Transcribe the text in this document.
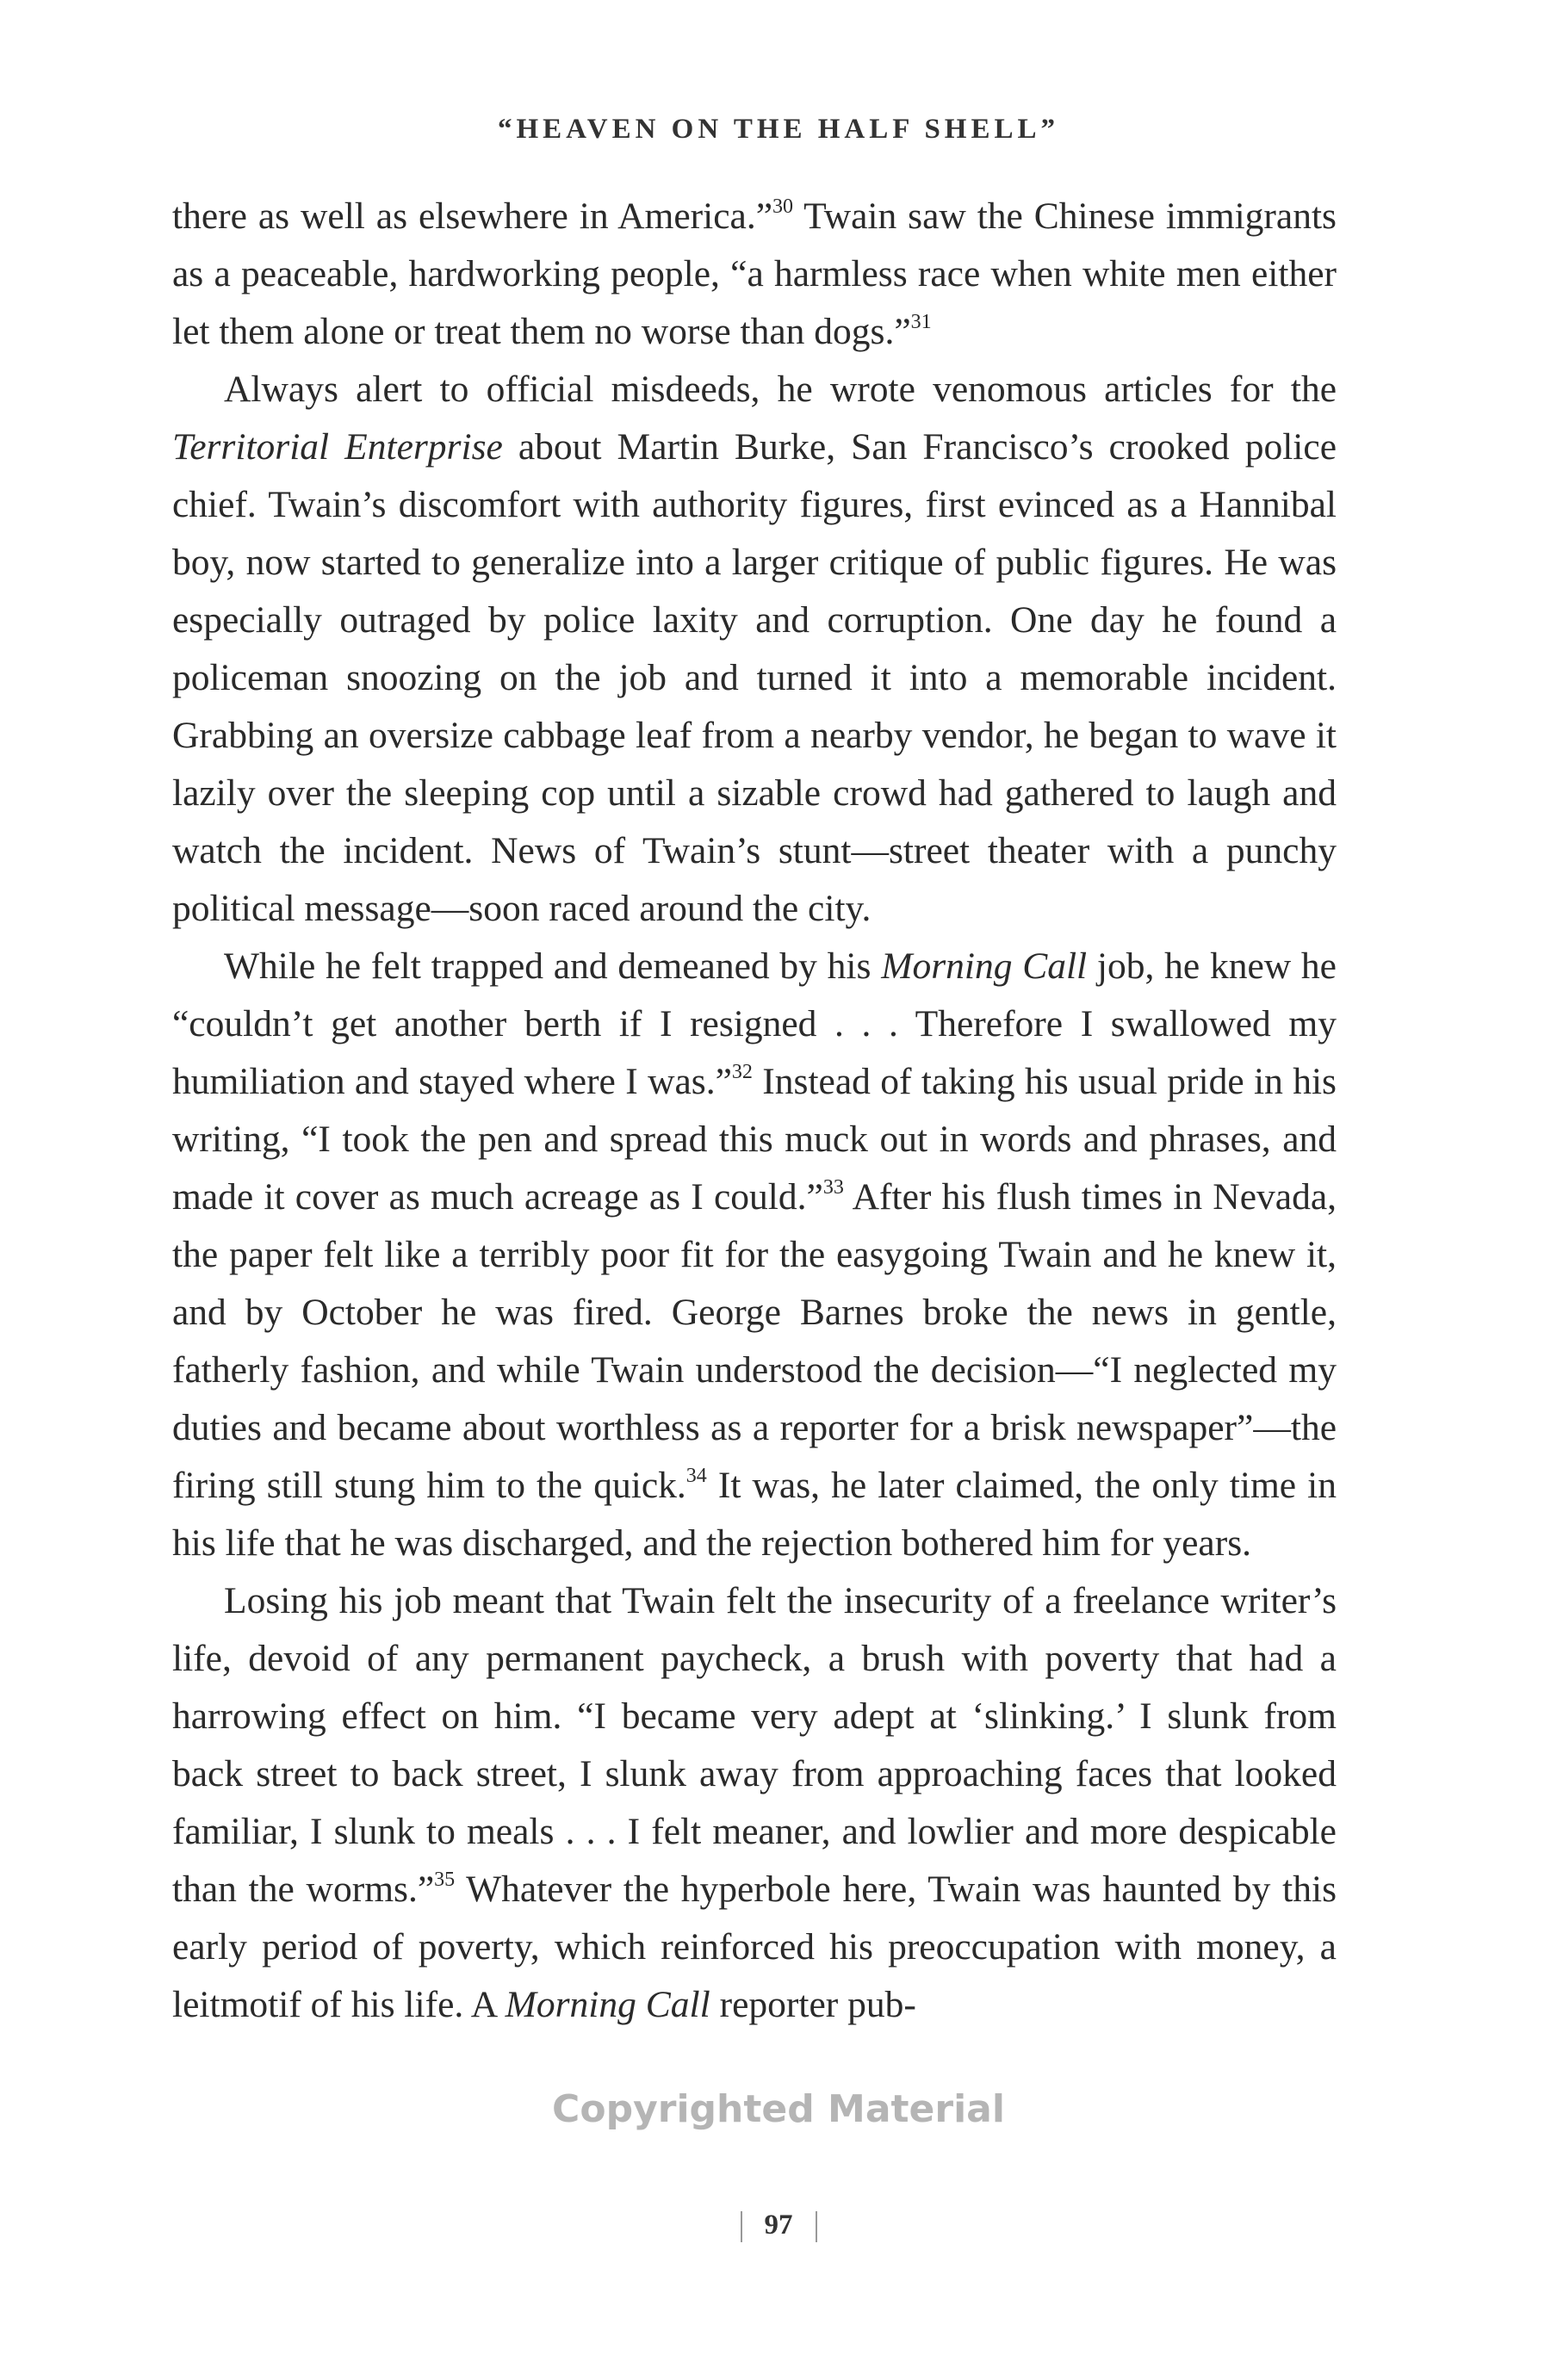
“HEAVEN ON THE HALF SHELL”

there as well as elsewhere in America.”$^{30}$ Twain saw the Chinese immigrants as a peaceable, hardworking people, “a harmless race when white men either let them alone or treat them no worse than dogs.”$^{31}$

Always alert to official misdeeds, he wrote venomous articles for the Territorial Enterprise about Martin Burke, San Francisco’s crooked police chief. Twain’s discomfort with authority figures, first evinced as a Hannibal boy, now started to generalize into a larger critique of public figures. He was especially outraged by police laxity and corruption. One day he found a policeman snoozing on the job and turned it into a memorable incident. Grabbing an oversize cabbage leaf from a nearby vendor, he began to wave it lazily over the sleeping cop until a sizable crowd had gathered to laugh and watch the incident. News of Twain’s stunt—street theater with a punchy political message—soon raced around the city.

While he felt trapped and demeaned by his Morning Call job, he knew he “couldn’t get another berth if I resigned . . . Therefore I swallowed my humiliation and stayed where I was.”$^{32}$ Instead of taking his usual pride in his writing, “I took the pen and spread this muck out in words and phrases, and made it cover as much acreage as I could.”$^{33}$ After his flush times in Nevada, the paper felt like a terribly poor fit for the easygoing Twain and he knew it, and by October he was fired. George Barnes broke the news in gentle, fatherly fashion, and while Twain understood the decision—“I neglected my duties and became about worthless as a reporter for a brisk newspaper”—the firing still stung him to the quick.$^{34}$ It was, he later claimed, the only time in his life that he was discharged, and the rejection bothered him for years.

Losing his job meant that Twain felt the insecurity of a freelance writer’s life, devoid of any permanent paycheck, a brush with poverty that had a harrowing effect on him. “I became very adept at ‘slinking.’ I slunk from back street to back street, I slunk away from approaching faces that looked familiar, I slunk to meals . . . I felt meaner, and lowlier and more despicable than the worms.”$^{35}$ Whatever the hyperbole here, Twain was haunted by this early period of poverty, which reinforced his preoccupation with money, a leitmotif of his life. A Morning Call reporter pub-

Copyrighted Material
97
